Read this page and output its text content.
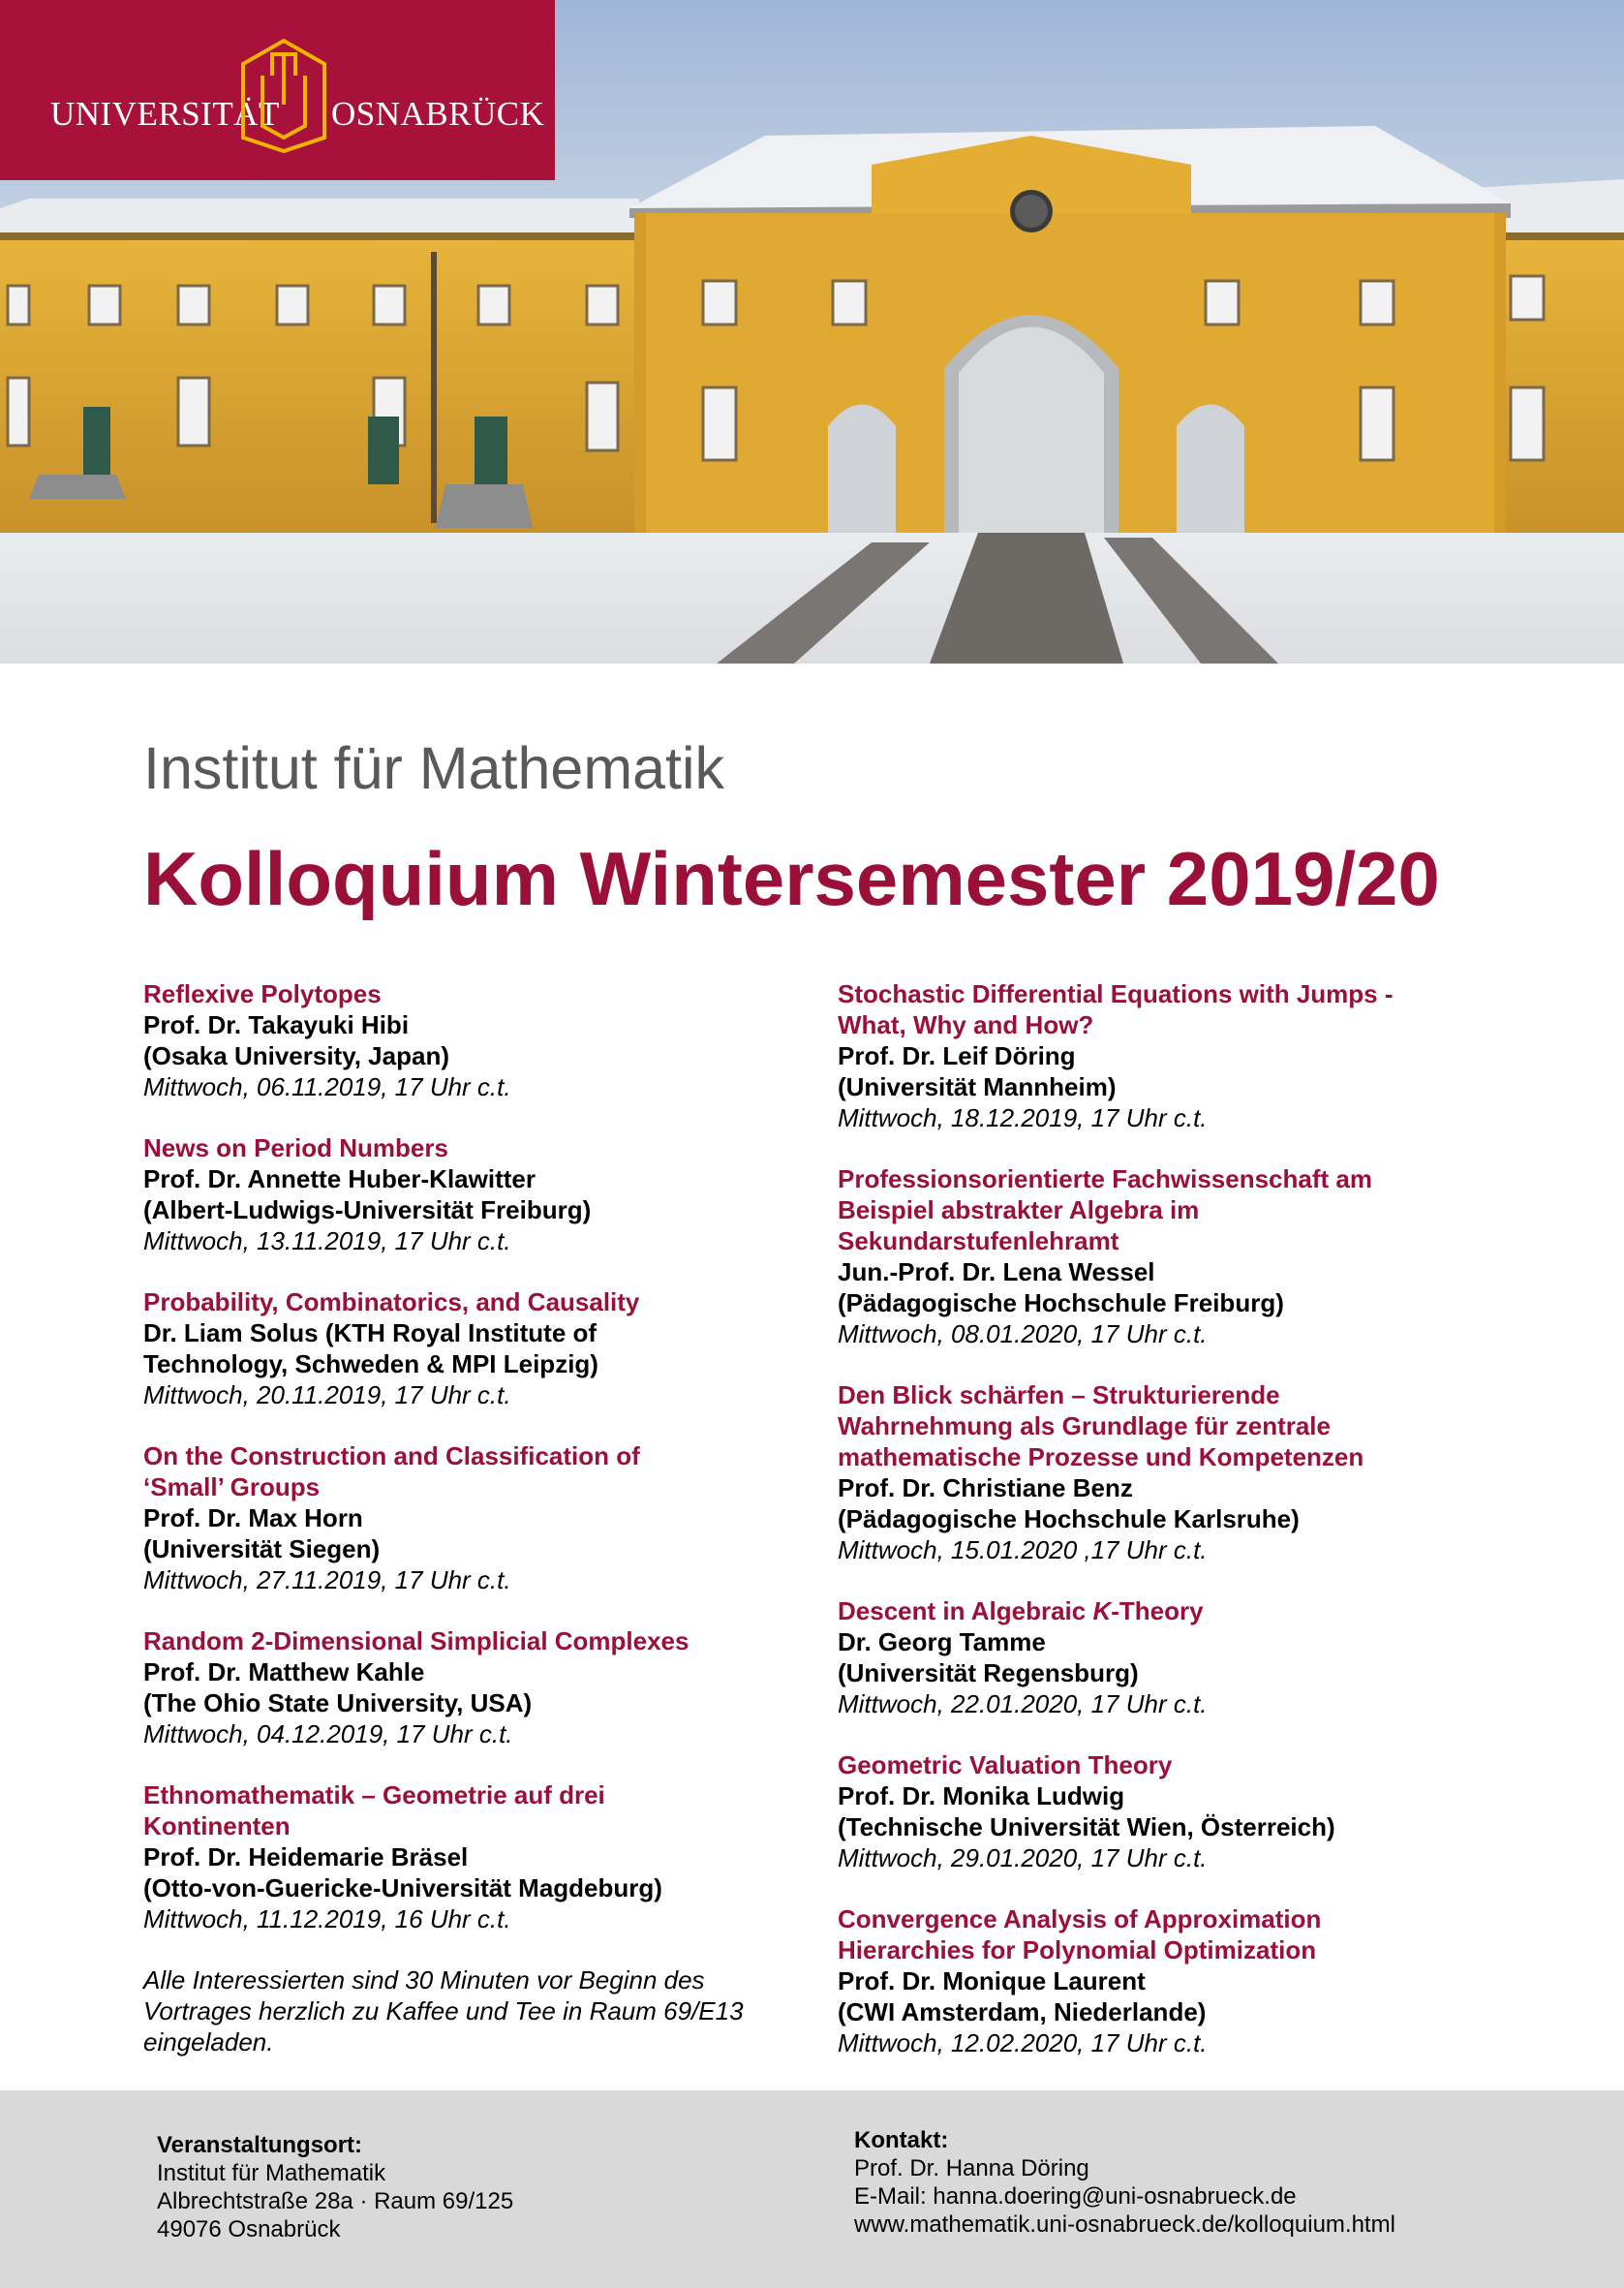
UNIVERSITÄT OSNABRÜCK
Institut für Mathematik
Kolloquium Wintersemester 2019/20
Reflexive Polytopes
Prof. Dr. Takayuki Hibi
(Osaka University, Japan)
Mittwoch, 06.11.2019, 17 Uhr c.t.
News on Period Numbers
Prof. Dr. Annette Huber-Klawitter
(Albert-Ludwigs-Universität Freiburg)
Mittwoch, 13.11.2019, 17 Uhr c.t.
Probability, Combinatorics, and Causality
Dr. Liam Solus (KTH Royal Institute of Technology, Schweden & MPI Leipzig)
Mittwoch, 20.11.2019, 17 Uhr c.t.
On the Construction and Classification of ‘Small’ Groups
Prof. Dr. Max Horn
(Universität Siegen)
Mittwoch, 27.11.2019, 17 Uhr c.t.
Random 2-Dimensional Simplicial Complexes
Prof. Dr. Matthew Kahle
(The Ohio State University, USA)
Mittwoch, 04.12.2019, 17 Uhr c.t.
Ethnomathematik – Geometrie auf drei Kontinenten
Prof. Dr. Heidemarie Bräsel
(Otto-von-Guericke-Universität Magdeburg)
Mittwoch, 11.12.2019, 16 Uhr c.t.
Alle Interessierten sind 30 Minuten vor Beginn des Vortrages herzlich zu Kaffee und Tee in Raum 69/E13 eingeladen.
Stochastic Differential Equations with Jumps - What, Why and How?
Prof. Dr. Leif Döring
(Universität Mannheim)
Mittwoch, 18.12.2019, 17 Uhr c.t.
Professionsorientierte Fachwissenschaft am Beispiel abstrakter Algebra im Sekundarstufenlehramt
Jun.-Prof. Dr. Lena Wessel
(Pädagogische Hochschule Freiburg)
Mittwoch, 08.01.2020, 17 Uhr c.t.
Den Blick schärfen – Strukturierende Wahrnehmung als Grundlage für zentrale mathematische Prozesse und Kompetenzen
Prof. Dr. Christiane Benz
(Pädagogische Hochschule Karlsruhe)
Mittwoch, 15.01.2020 ,17 Uhr c.t.
Descent in Algebraic K-Theory
Dr. Georg Tamme
(Universität Regensburg)
Mittwoch, 22.01.2020, 17 Uhr c.t.
Geometric Valuation Theory
Prof. Dr. Monika Ludwig
(Technische Universität Wien, Österreich)
Mittwoch, 29.01.2020, 17 Uhr c.t.
Convergence Analysis of Approximation Hierarchies for Polynomial Optimization
Prof. Dr. Monique Laurent
(CWI Amsterdam, Niederlande)
Mittwoch, 12.02.2020, 17 Uhr c.t.
Veranstaltungsort:
Institut für Mathematik
Albrechtstraße 28a · Raum 69/125
49076 Osnabrück
Kontakt:
Prof. Dr. Hanna Döring
E-Mail: hanna.doering@uni-osnabrueck.de
www.mathematik.uni-osnabrueck.de/kolloquium.html
